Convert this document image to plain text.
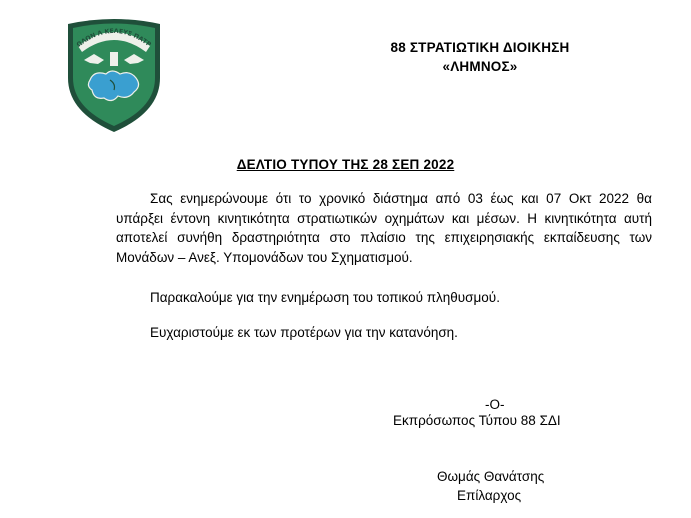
ΩΛΩΝ Λ ΚΕΛΕΥΣ ΠΑΤΡ	88 ΣΤΡΑΤΙΩΤΙΚΗ ΔΙΟΙΚΗΣΗ
«ΛΗΜΝΟΣ»
ΔΕΛΤΙΟ ΤΥΠΟΥ ΤΗΣ 28 ΣΕΠ 2022
Σας ενημερώνουμε ότι το χρονικό διάστημα από 03 έως και 07 Οκτ 2022 θα υπάρξει έντονη κινητικότητα στρατιωτικών οχημάτων και μέσων. Η κινητικότητα αυτή αποτελεί συνήθη δραστηριότητα στο πλαίσιο της επιχειρησιακής εκπαίδευσης των Μονάδων – Ανεξ. Υπομονάδων του Σχηματισμού.
Παρακαλούμε για την ενημέρωση του τοπικού πληθυσμού.
Ευχαριστούμε εκ των προτέρων για την κατανόηση.
-Ο-
Εκπρόσωπος Τύπου 88 ΣΔΙ
Θωμάς Θανάτσης
Επίλαρχος
